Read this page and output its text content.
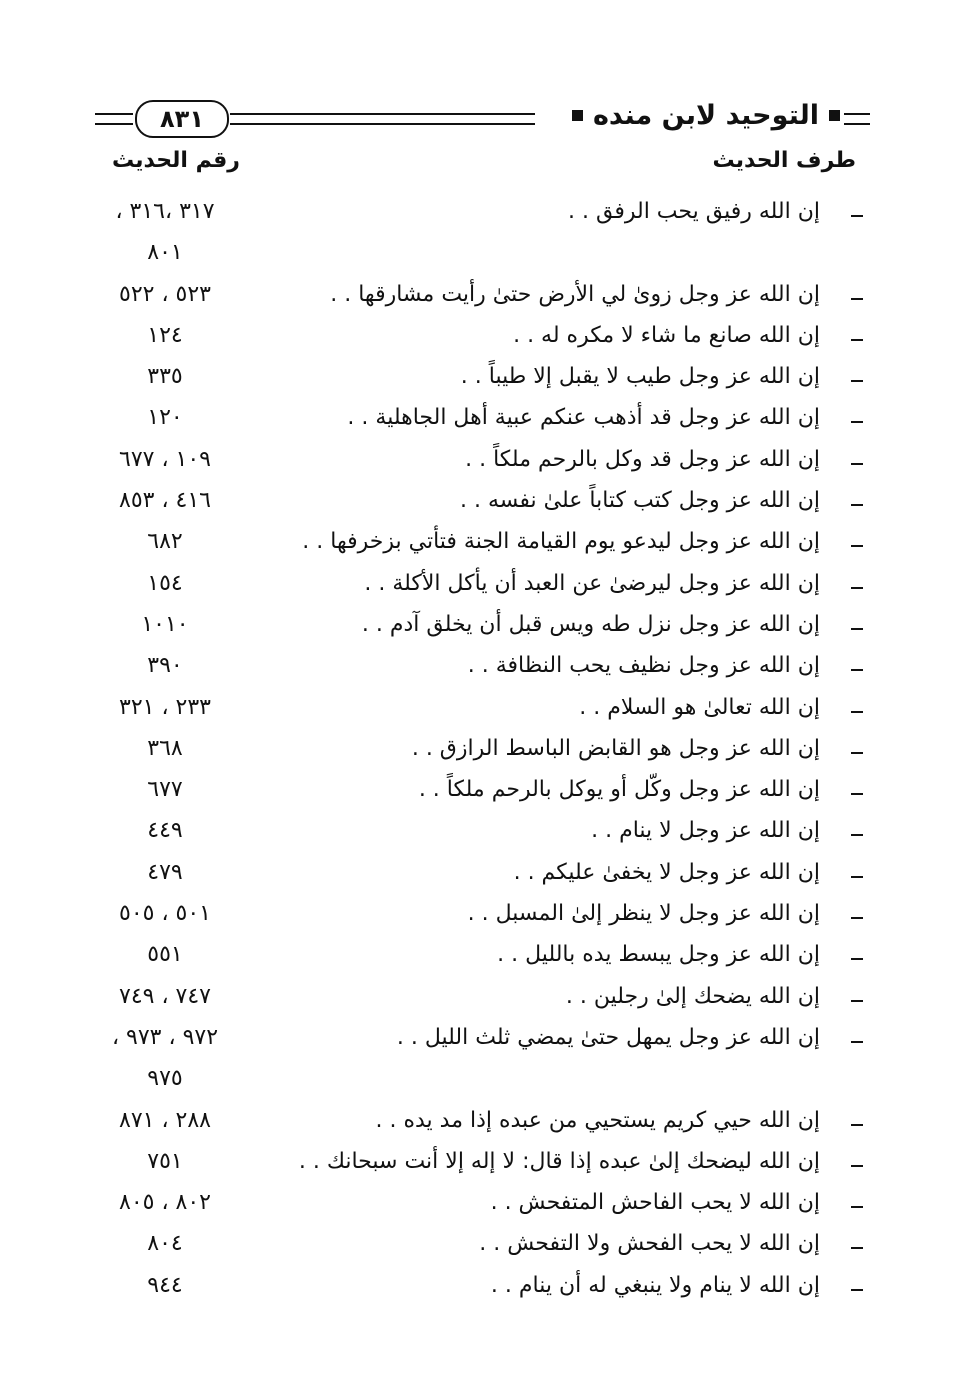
التوحيد لابن منده
٨٣١
طرف الحديث
رقم الحديث
إن الله رفيق يحب الرفق . .
٣١٧ ،٣١٦ ،
٨٠١
إن الله عز وجل زوىٰ لي الأرض حتىٰ رأيت مشارقها . .
٥٢٣ ، ٥٢٢
إن الله صانع ما شاء لا مكره له . .
١٢٤
إن الله عز وجل طيب لا يقبل إلا طيباً . .
٣٣٥
إن الله عز وجل قد أذهب عنكم عبية أهل الجاهلية . .
١٢٠
إن الله عز وجل قد وكل بالرحم ملكاً . .
١٠٩ ، ٦٧٧
إن الله عز وجل كتب كتاباً علىٰ نفسه . .
٤١٦ ، ٨٥٣
إن الله عز وجل ليدعو يوم القيامة الجنة فتأتي بزخرفها . .
٦٨٢
إن الله عز وجل ليرضىٰ عن العبد أن يأكل الأكلة . .
١٥٤
إن الله عز وجل نزل طه ويس قبل أن يخلق آدم . .
١٠١٠
إن الله عز وجل نظيف يحب النظافة . .
٣٩٠
إن الله تعالىٰ هو السلام . .
٢٣٣ ، ٣٢١
إن الله عز وجل هو القابض الباسط الرازق . .
٣٦٨
إن الله عز وجل وكّل أو يوكل بالرحم ملكاً . .
٦٧٧
إن الله عز وجل لا ينام . .
٤٤٩
إن الله عز وجل لا يخفىٰ عليكم . .
٤٧٩
إن الله عز وجل لا ينظر إلىٰ المسبل . .
٥٠١ ، ٥٠٥
إن الله عز وجل يبسط يده بالليل . .
٥٥١
إن الله يضحك إلىٰ رجلين . .
٧٤٧ ، ٧٤٩
إن الله عز وجل يمهل حتىٰ يمضي ثلث الليل . .
٩٧٢ ، ٩٧٣ ،
٩٧٥
إن الله حيي كريم يستحيي من عبده إذا مد يده . .
٢٨٨ ، ٨٧١
إن الله ليضحك إلىٰ عبده إذا قال: لا إله إلا أنت سبحانك . .
٧٥١
إن الله لا يحب الفاحش المتفحش . .
٨٠٢ ، ٨٠٥
إن الله لا يحب الفحش ولا التفحش . .
٨٠٤
إن الله لا ينام ولا ينبغي له أن ينام . .
٩٤٤
